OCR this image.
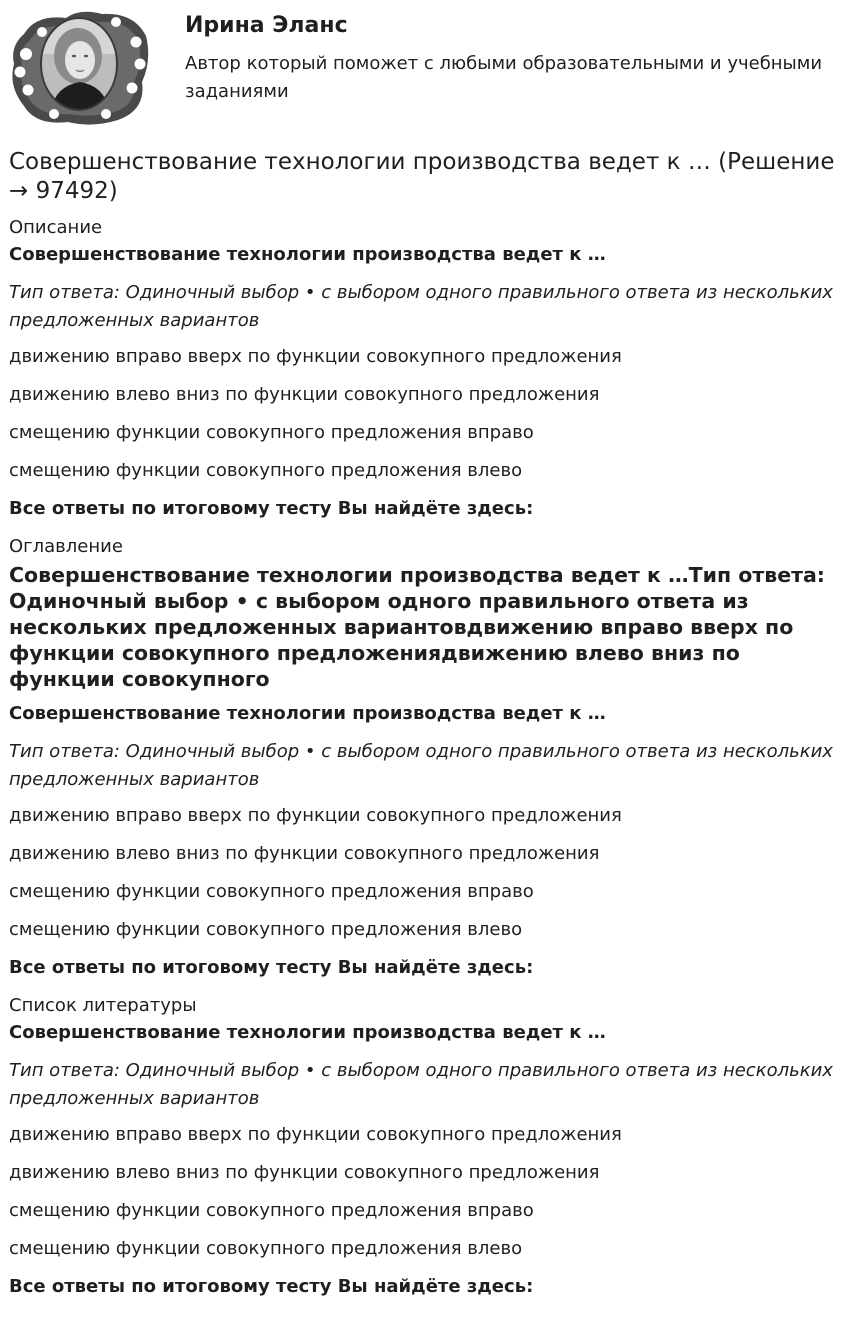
Ирина Эланс
Автор который поможет с любыми образовательными и учебными заданиями
Совершенствование технологии производства ведет к … (Решение → 97492)
Описание
Совершенствование технологии производства ведет к …
Тип ответа: Одиночный выбор • с выбором одного правильного ответа из нескольких предложенных вариантов
движению вправо вверх по функции совокупного предложения
движению влево вниз по функции совокупного предложения
смещению функции совокупного предложения вправо
смещению функции совокупного предложения влево
Все ответы по итоговому тесту Вы найдёте здесь:
Оглавление
Совершенствование технологии производства ведет к …Тип ответа: Одиночный выбор • с выбором одного правильного ответа из нескольких предложенных вариантовдвижению вправо вверх по функции совокупного предложениядвижению влево вниз по функции совокупного
Совершенствование технологии производства ведет к …
Тип ответа: Одиночный выбор • с выбором одного правильного ответа из нескольких предложенных вариантов
движению вправо вверх по функции совокупного предложения
движению влево вниз по функции совокупного предложения
смещению функции совокупного предложения вправо
смещению функции совокупного предложения влево
Все ответы по итоговому тесту Вы найдёте здесь:
Список литературы
Совершенствование технологии производства ведет к …
Тип ответа: Одиночный выбор • с выбором одного правильного ответа из нескольких предложенных вариантов
движению вправо вверх по функции совокупного предложения
движению влево вниз по функции совокупного предложения
смещению функции совокупного предложения вправо
смещению функции совокупного предложения влево
Все ответы по итоговому тесту Вы найдёте здесь:
